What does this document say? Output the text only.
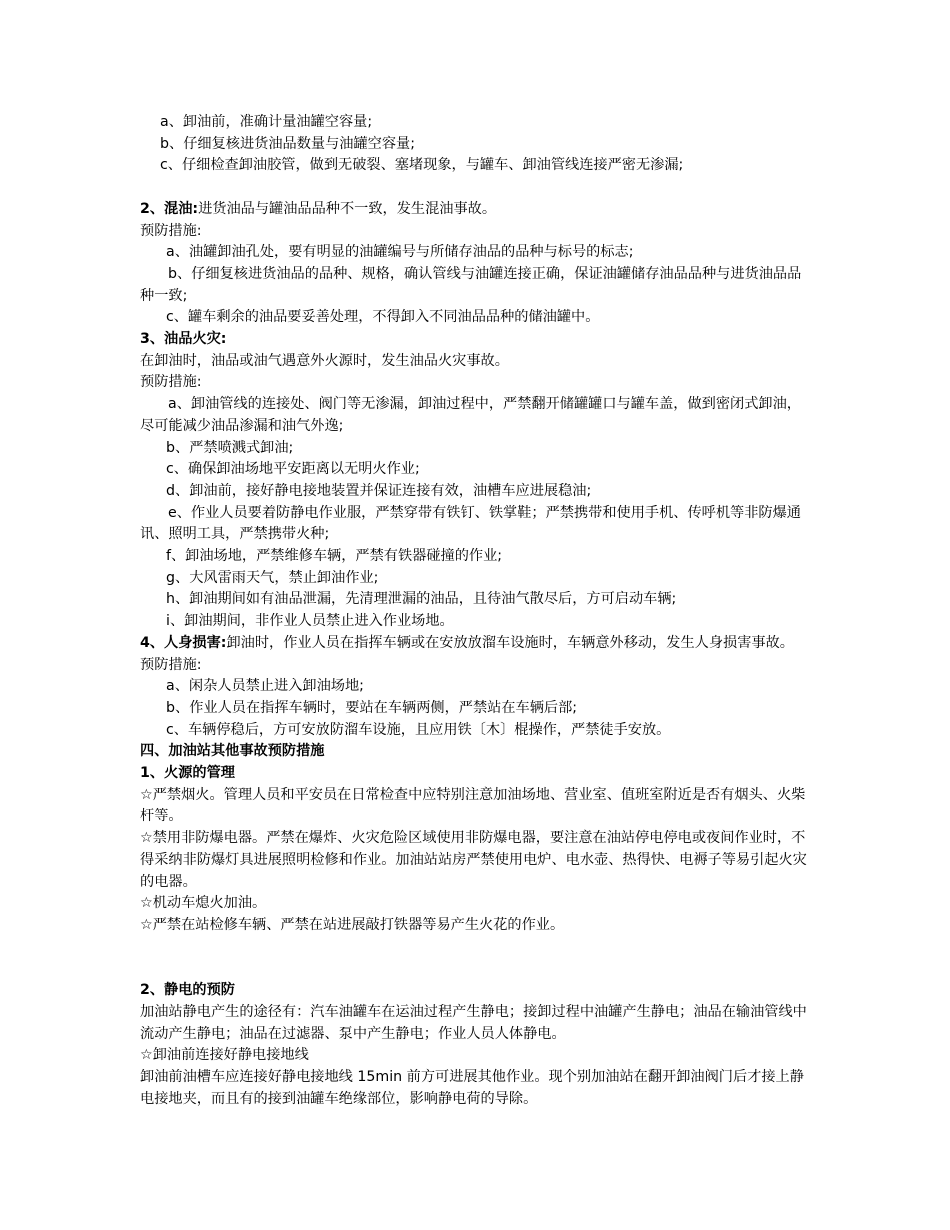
a、卸油前，准确计量油罐空容量;

b、仔细复核进货油品数量与油罐空容量;

c、仔细检查卸油胶管，做到无破裂、塞堵现象，与罐车、卸油管线连接严密无渗漏;

2、混油:进货油品与罐油品品种不一致，发生混油事故。

预防措施:

a、油罐卸油孔处，要有明显的油罐编号与所储存油品的品种与标号的标志;

b、仔细复核进货油品的品种、规格，确认管线与油罐连接正确，保证油罐储存油品品种与进货油品品种一致;

c、罐车剩余的油品要妥善处理，不得卸入不同油品品种的储油罐中。

3、油品火灾:

在卸油时，油品或油气遇意外火源时，发生油品火灾事故。

预防措施:

a、卸油管线的连接处、阀门等无渗漏，卸油过程中，严禁翻开储罐罐口与罐车盖，做到密闭式卸油，尽可能减少油品渗漏和油气外逸;

b、严禁喷溅式卸油;

c、确保卸油场地平安距离以无明火作业;

d、卸油前，接好静电接地装置并保证连接有效，油槽车应进展稳油;

e、作业人员要着防静电作业服，严禁穿带有铁钉、铁掌鞋；严禁携带和使用手机、传呼机等非防爆通讯、照明工具，严禁携带火种;

f、卸油场地，严禁维修车辆，严禁有铁器碰撞的作业;

g、大风雷雨天气，禁止卸油作业;

h、卸油期间如有油品泄漏，先清理泄漏的油品，且待油气散尽后，方可启动车辆;

i、卸油期间，非作业人员禁止进入作业场地。

4、人身损害:卸油时，作业人员在指挥车辆或在安放放溜车设施时，车辆意外移动，发生人身损害事故。

预防措施:

a、闲杂人员禁止进入卸油场地;

b、作业人员在指挥车辆时，要站在车辆两侧，严禁站在车辆后部;

c、车辆停稳后，方可安放防溜车设施，且应用铁〔木〕棍操作，严禁徒手安放。

四、加油站其他事故预防措施

1、火源的管理

☆严禁烟火。管理人员和平安员在日常检查中应特别注意加油场地、营业室、值班室附近是否有烟头、火柴杆等。

☆禁用非防爆电器。严禁在爆炸、火灾危险区域使用非防爆电器，要注意在油站停电停电或夜间作业时，不得采纳非防爆灯具进展照明检修和作业。加油站站房严禁使用电炉、电水壶、热得快、电褥子等易引起火灾的电器。

☆机动车熄火加油。

☆严禁在站检修车辆、严禁在站进展敲打铁器等易产生火花的作业。

2、静电的预防

加油站静电产生的途径有：汽车油罐车在运油过程产生静电；接卸过程中油罐产生静电；油品在输油管线中流动产生静电；油品在过滤器、泵中产生静电；作业人员人体静电。

☆卸油前连接好静电接地线

卸油前油槽车应连接好静电接地线 15min 前方可进展其他作业。现个别加油站在翻开卸油阀门后才接上静电接地夹，而且有的接到油罐车绝缘部位，影响静电荷的导除。
